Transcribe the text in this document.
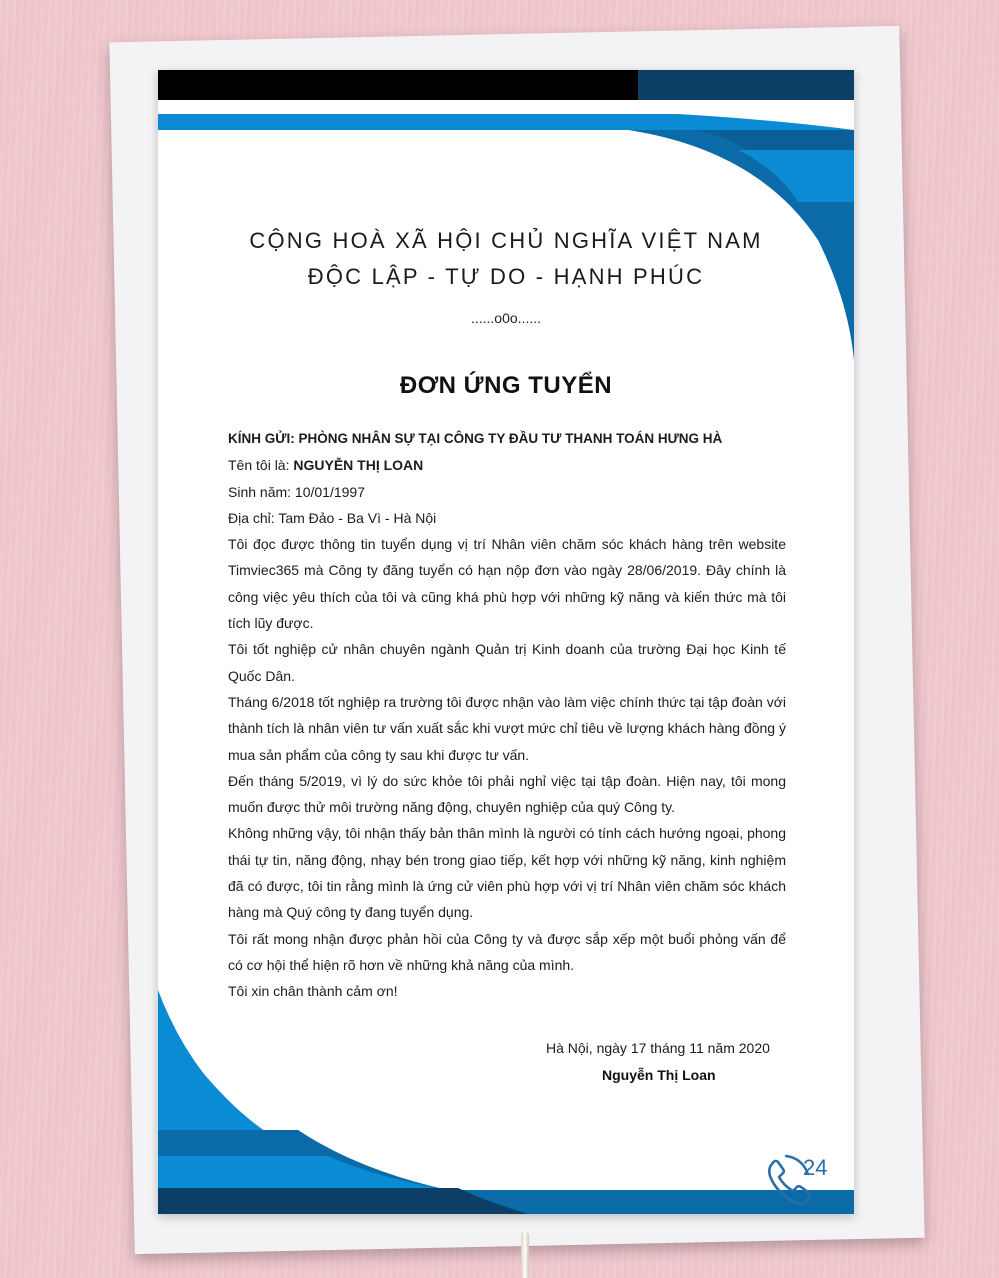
CỘNG HOÀ XÃ HỘI CHỦ NGHĨA VIỆT NAM
ĐỘC LẬP - TỰ DO - HẠNH PHÚC
......o0o......
ĐƠN ỨNG TUYỂN

KÍNH GỬI: PHÒNG NHÂN SỰ TẠI CÔNG TY ĐẦU TƯ THANH TOÁN HƯNG HÀ

Tên tôi là: NGUYỄN THỊ LOAN

Sinh năm: 10/01/1997

Địa chỉ: Tam Đảo - Ba Vì - Hà Nội

Tôi đọc được thông tin tuyển dụng vị trí Nhân viên chăm sóc khách hàng trên website Timviec365 mà Công ty đăng tuyển có hạn nộp đơn vào ngày 28/06/2019. Đây chính là công việc yêu thích của tôi và cũng khá phù hợp với những kỹ năng và kiến thức mà tôi tích lũy được.

Tôi tốt nghiệp cử nhân chuyên ngành Quản trị Kinh doanh của trường Đại học Kinh tế Quốc Dân.

Tháng 6/2018 tốt nghiệp ra trường tôi được nhận vào làm việc chính thức tại tập đoàn với thành tích là nhân viên tư vấn xuất sắc khi vượt mức chỉ tiêu về lượng khách hàng đồng ý mua sản phẩm của công ty sau khi được tư vấn.

Đến tháng 5/2019, vì lý do sức khỏe tôi phải nghỉ việc tại tập đoàn. Hiện nay, tôi mong muốn được thử môi trường năng động, chuyên nghiệp của quý Công ty.

Không những vậy, tôi nhận thấy bản thân mình là người có tính cách hướng ngoại, phong thái tự tin, năng động, nhạy bén trong giao tiếp, kết hợp với những kỹ năng, kinh nghiệm đã có được, tôi tin rằng mình là ứng cử viên phù hợp với vị trí Nhân viên chăm sóc khách hàng mà Quý công ty đang tuyển dụng.

Tôi rất mong nhận được phản hồi của Công ty và được sắp xếp một buổi phỏng vấn để có cơ hội thể hiện rõ hơn về những khả năng của mình.

Tôi xin chân thành cảm ơn!

Hà Nội, ngày 17 tháng 11 năm 2020
Nguyễn Thị Loan
24
